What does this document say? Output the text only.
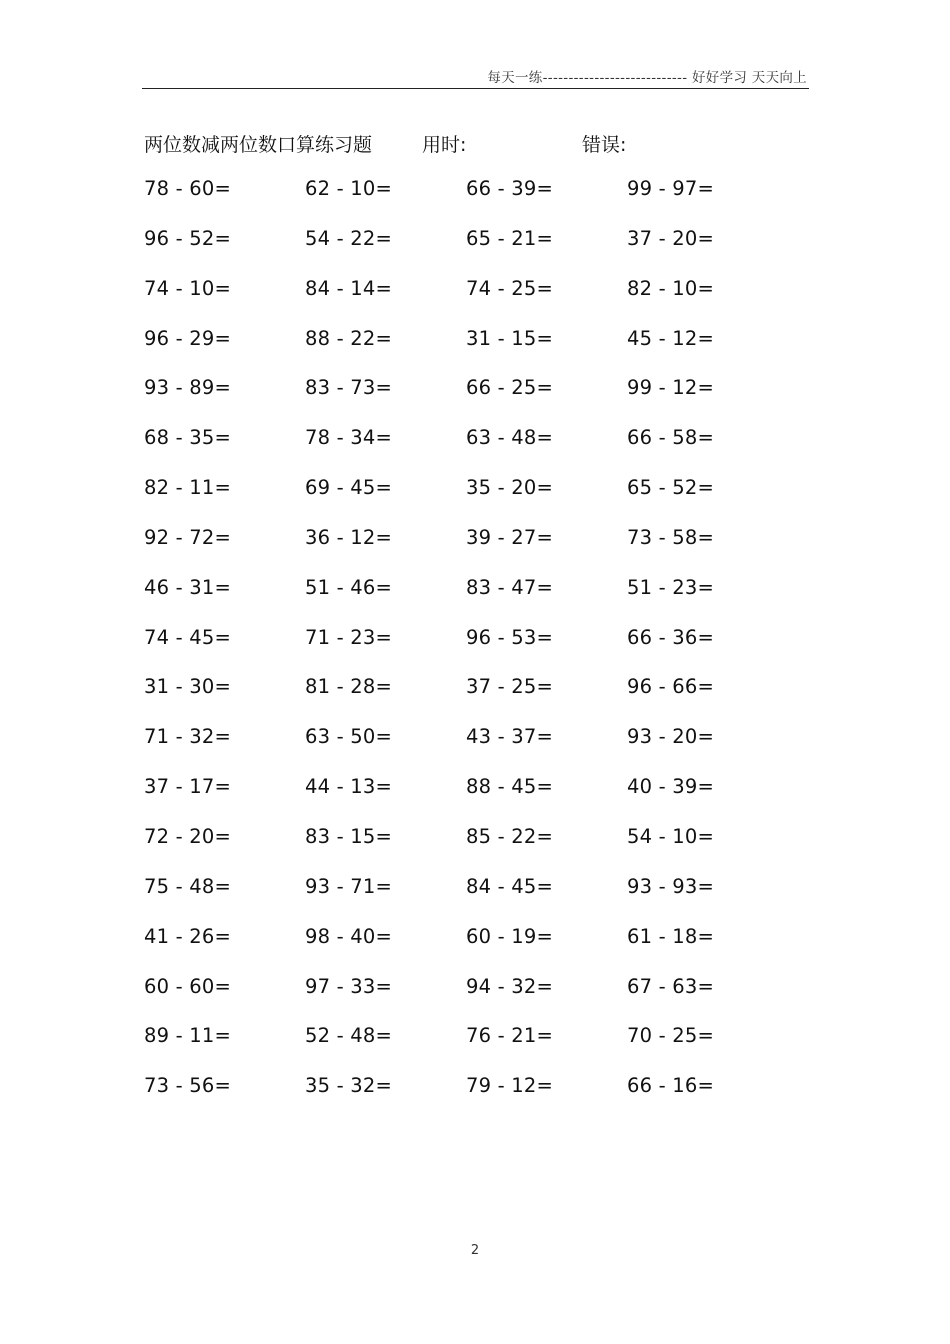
每天一练---------------------------- 好好学习 天天向上
两位数减两位数口算练习题	用时:	错误:
78 - 60=	62 - 10=	66 - 39=	99 - 97=
96 - 52=	54 - 22=	65 - 21=	37 - 20=
74 - 10=	84 - 14=	74 - 25=	82 - 10=
96 - 29=	88 - 22=	31 - 15=	45 - 12=
93 - 89=	83 - 73=	66 - 25=	99 - 12=
68 - 35=	78 - 34=	63 - 48=	66 - 58=
82 - 11=	69 - 45=	35 - 20=	65 - 52=
92 - 72=	36 - 12=	39 - 27=	73 - 58=
46 - 31=	51 - 46=	83 - 47=	51 - 23=
74 - 45=	71 - 23=	96 - 53=	66 - 36=
31 - 30=	81 - 28=	37 - 25=	96 - 66=
71 - 32=	63 - 50=	43 - 37=	93 - 20=
37 - 17=	44 - 13=	88 - 45=	40 - 39=
72 - 20=	83 - 15=	85 - 22=	54 - 10=
75 - 48=	93 - 71=	84 - 45=	93 - 93=
41 - 26=	98 - 40=	60 - 19=	61 - 18=
60 - 60=	97 - 33=	94 - 32=	67 - 63=
89 - 11=	52 - 48=	76 - 21=	70 - 25=
73 - 56=	35 - 32=	79 - 12=	66 - 16=
2
